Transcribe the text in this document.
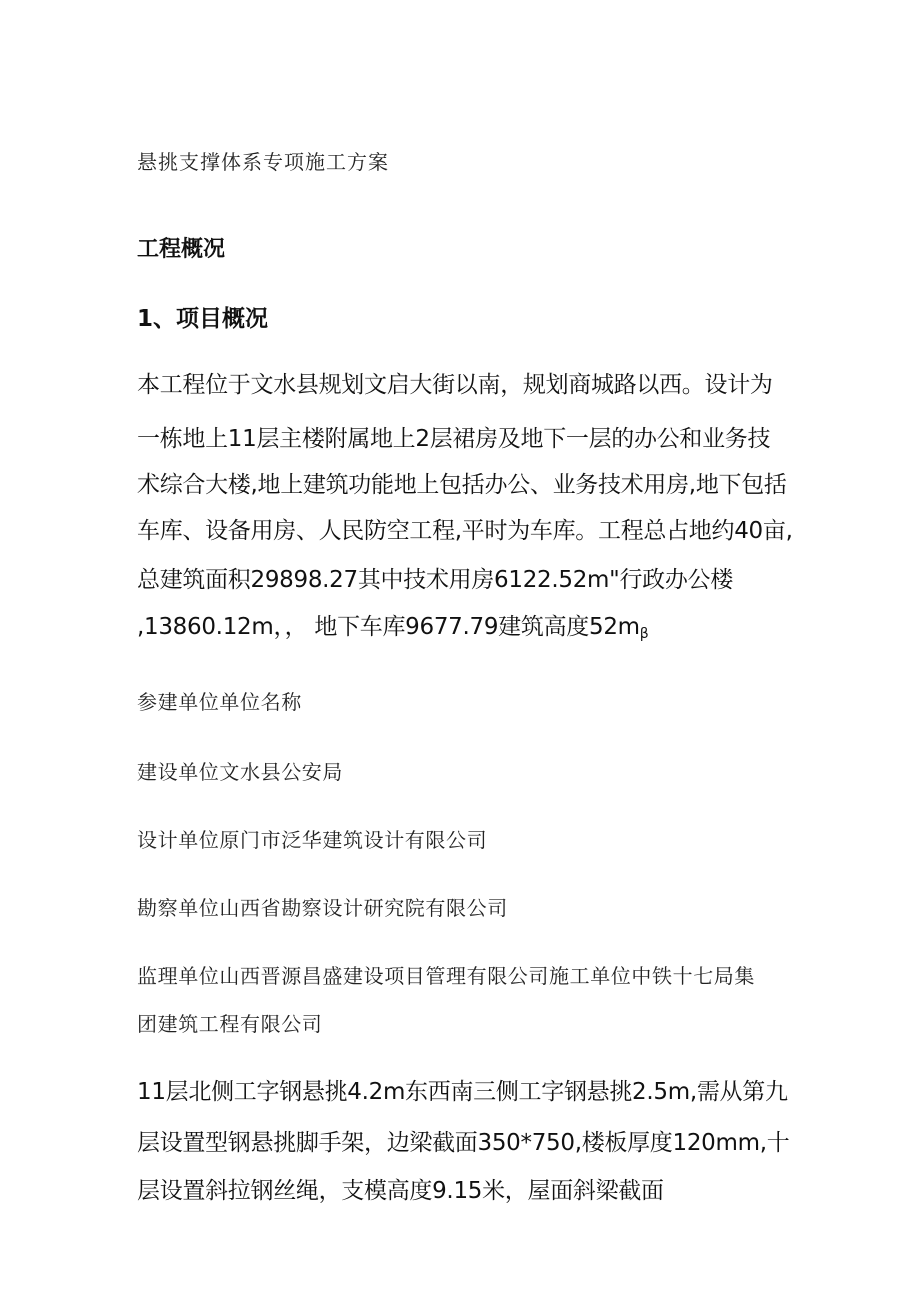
悬挑支撑体系专项施工方案
工程概况
1、项目概况
本工程位于文水县规划文启大街以南，规划商城路以西。设计为
一栋地上11层主楼附属地上2层裙房及地下一层的办公和业务技
术综合大楼,地上建筑功能地上包括办公、业务技术用房,地下包括
车库、设备用房、人民防空工程,平时为车库。工程总占地约40亩,
总建筑面积29898.27其中技术用房6122.52m"行政办公楼
,13860.12m，， 地下车库9677.79建筑高度$52m_\beta$
参建单位单位名称
建设单位文水县公安局
设计单位原门市泛华建筑设计有限公司
勘察单位山西省勘察设计研究院有限公司
监理单位山西晋源昌盛建设项目管理有限公司施工单位中铁十七局集
团建筑工程有限公司
11层北侧工字钢悬挑4.2m东西南三侧工字钢悬挑2.5m,需从第九
层设置型钢悬挑脚手架，边梁截面350*750,楼板厚度120mm,十
层设置斜拉钢丝绳，支模高度9.15米，屋面斜梁截面
